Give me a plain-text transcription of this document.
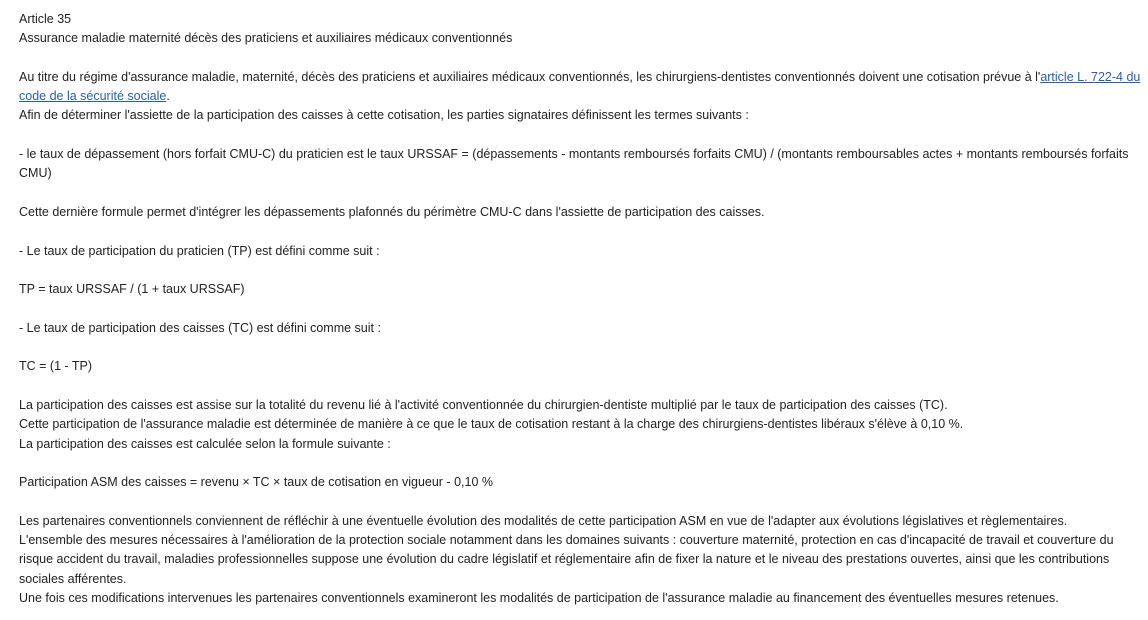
Article 35

Assurance maladie maternité décès des praticiens et auxiliaires médicaux conventionnés

Au titre du régime d'assurance maladie, maternité, décès des praticiens et auxiliaires médicaux conventionnés, les chirurgiens-dentistes conventionnés doivent une cotisation prévue à l'article L. 722-4 du code de la sécurité sociale.

Afin de déterminer l'assiette de la participation des caisses à cette cotisation, les parties signataires définissent les termes suivants :

- le taux de dépassement (hors forfait CMU-C) du praticien est le taux URSSAF = (dépassements - montants remboursés forfaits CMU) / (montants remboursables actes + montants remboursés forfaits CMU)

Cette dernière formule permet d'intégrer les dépassements plafonnés du périmètre CMU-C dans l'assiette de participation des caisses.

- Le taux de participation du praticien (TP) est défini comme suit :

TP = taux URSSAF / (1 + taux URSSAF)

- Le taux de participation des caisses (TC) est défini comme suit :

TC = (1 - TP)

La participation des caisses est assise sur la totalité du revenu lié à l'activité conventionnée du chirurgien-dentiste multiplié par le taux de participation des caisses (TC).

Cette participation de l'assurance maladie est déterminée de manière à ce que le taux de cotisation restant à la charge des chirurgiens-dentistes libéraux s'élève à 0,10 %.

La participation des caisses est calculée selon la formule suivante :

Participation ASM des caisses = revenu × TC × taux de cotisation en vigueur - 0,10 %

Les partenaires conventionnels conviennent de réfléchir à une éventuelle évolution des modalités de cette participation ASM en vue de l'adapter aux évolutions législatives et règlementaires.

L'ensemble des mesures nécessaires à l'amélioration de la protection sociale notamment dans les domaines suivants : couverture maternité, protection en cas d'incapacité de travail et couverture du risque accident du travail, maladies professionnelles suppose une évolution du cadre législatif et réglementaire afin de fixer la nature et le niveau des prestations ouvertes, ainsi que les contributions sociales afférentes.

Une fois ces modifications intervenues les partenaires conventionnels examineront les modalités de participation de l'assurance maladie au financement des éventuelles mesures retenues.
